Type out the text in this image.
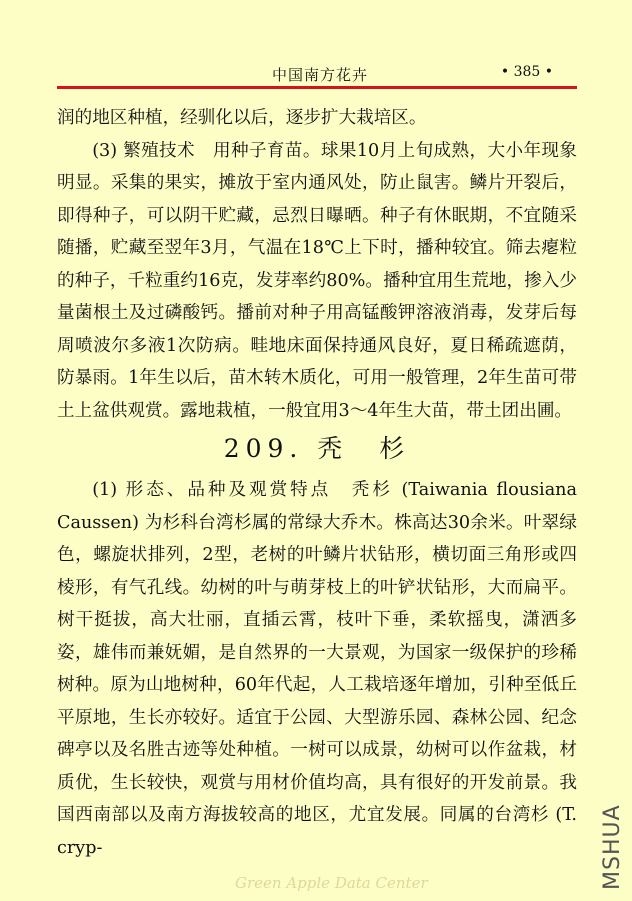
中国南方花卉	• 385 •

润的地区种植，经驯化以后，逐步扩大栽培区。

(3) 繁殖技术　用种子育苗。球果10月上旬成熟，大小年现象明显。采集的果实，摊放于室内通风处，防止鼠害。鳞片开裂后，即得种子，可以阴干贮藏，忌烈日曝晒。种子有休眠期，不宜随采随播，贮藏至翌年3月，气温在18℃上下时，播种较宜。筛去瘪粒的种子，千粒重约16克，发芽率约80%。播种宜用生荒地，掺入少量菌根土及过磷酸钙。播前对种子用高锰酸钾溶液消毒，发芽后每周喷波尔多液1次防病。畦地床面保持通风良好，夏日稀疏遮荫，防暴雨。1年生以后，苗木转木质化，可用一般管理，2年生苗可带土上盆供观赏。露地栽植，一般宜用3～4年生大苗，带土团出圃。

209. 秃　杉

(1) 形态、品种及观赏特点　秃杉 (Taiwania flousiana Caussen) 为杉科台湾杉属的常绿大乔木。株高达30余米。叶翠绿色，螺旋状排列，2型，老树的叶鳞片状钻形，横切面三角形或四棱形，有气孔线。幼树的叶与萌芽枝上的叶铲状钻形，大而扁平。树干挺拔，高大壮丽，直插云霄，枝叶下垂，柔软摇曳，潇洒多姿，雄伟而兼妩媚，是自然界的一大景观，为国家一级保护的珍稀树种。原为山地树种，60年代起，人工栽培逐年增加，引种至低丘平原地，生长亦较好。适宜于公园、大型游乐园、森林公园、纪念碑亭以及名胜古迹等处种植。一树可以成景，幼树可以作盆栽，材质优，生长较快，观赏与用材价值均高，具有很好的开发前景。我国西南部以及南方海拔较高的地区，尤宜发展。同属的台湾杉 (T. cryp-	MSHUA
Green Apple Data Center
